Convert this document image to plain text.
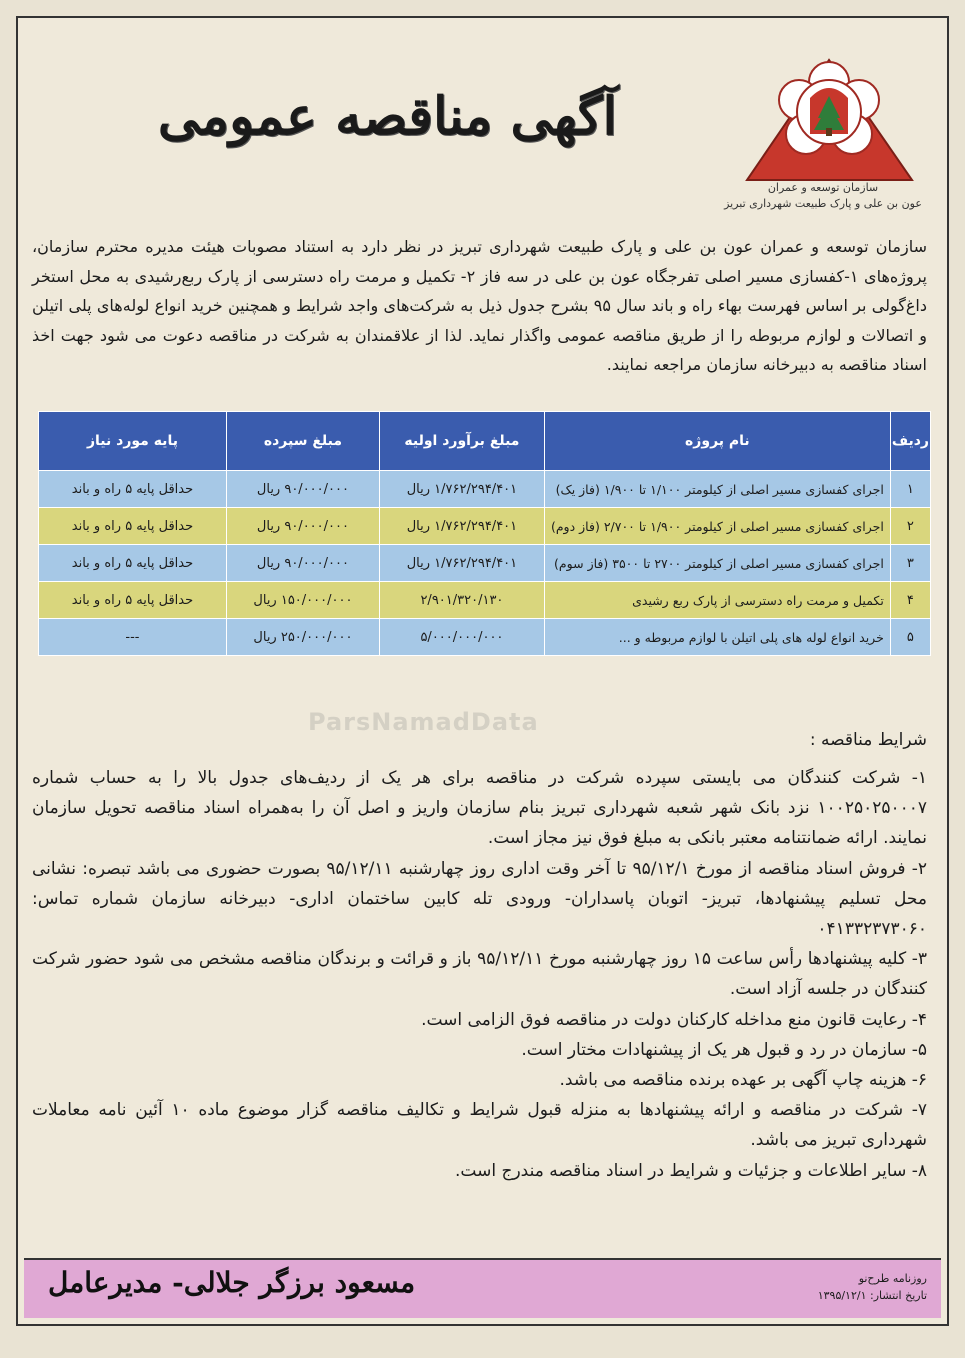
سازمان توسعه و عمران
عون بن علی و پارک طبیعت شهرداری تبریز
آگهی مناقصه عمومی
سازمان توسعه و عمران عون بن علی و پارک طبیعت شهرداری تبریز در نظر دارد به استناد مصوبات هیئت مدیره محترم سازمان، پروژه‌های ۱-کفسازی مسیر اصلی تفرجگاه عون بن علی در سه فاز ۲- تکمیل و مرمت راه دسترسی از پارک ربع‌رشیدی به محل استخر داغ‌گولی بر اساس فهرست بهاء راه و باند سال ۹۵ بشرح جدول ذیل به شرکت‌های واجد شرایط و همچنین خرید انواع لوله‌های پلی اتیلن و اتصالات و لوازم مربوطه را از طریق مناقصه عمومی واگذار نماید. لذا از علاقمندان به شرکت در مناقصه دعوت می شود جهت اخذ اسناد مناقصه به دبیرخانه سازمان مراجعه نمایند.
ردیف	نام پروژه	مبلغ برآورد اولیه	مبلغ سپرده	پایه مورد نیاز
۱	اجرای کفسازی مسیر اصلی از کیلومتر ۱/۱۰۰ تا ۱/۹۰۰ (فاز یک)	۱/۷۶۲/۲۹۴/۴۰۱ ریال	۹۰/۰۰۰/۰۰۰ ریال	حداقل پایه ۵ راه و باند
۲	اجرای کفسازی مسیر اصلی از کیلومتر ۱/۹۰۰ تا ۲/۷۰۰ (فاز دوم)	۱/۷۶۲/۲۹۴/۴۰۱ ریال	۹۰/۰۰۰/۰۰۰ ریال	حداقل پایه ۵ راه و باند
۳	اجرای کفسازی مسیر اصلی از کیلومتر ۲۷۰۰ تا ۳۵۰۰ (فاز سوم)	۱/۷۶۲/۲۹۴/۴۰۱ ریال	۹۰/۰۰۰/۰۰۰ ریال	حداقل پایه ۵ راه و باند
۴	تکمیل و مرمت راه دسترسی از پارک ربع رشیدی	۲/۹۰۱/۳۲۰/۱۳۰	۱۵۰/۰۰۰/۰۰۰ ریال	حداقل پایه ۵ راه و باند
۵	خرید انواع لوله های پلی اتیلن با لوازم مربوطه و ...	۵/۰۰۰/۰۰۰/۰۰۰	۲۵۰/۰۰۰/۰۰۰ ریال	---
ParsNamadData
شرایط مناقصه :

۱- شرکت کنندگان می بایستی سپرده شرکت در مناقصه برای هر یک از ردیف‌های جدول بالا را به حساب شماره ۱۰۰۲۵۰۲۵۰۰۰۷ نزد بانک شهر شعبه شهرداری تبریز بنام سازمان واریز و اصل آن را به‌همراه اسناد مناقصه تحویل سازمان نمایند. ارائه ضمانتنامه معتبر بانکی به مبلغ فوق نیز مجاز است.

۲- فروش اسناد مناقصه از مورخ ۹۵/۱۲/۱ تا آخر وقت اداری روز چهارشنبه ۹۵/۱۲/۱۱ بصورت حضوری می باشد تبصره: نشانی محل تسلیم پیشنهادها، تبریز- اتوبان پاسداران- ورودی تله کابین ساختمان اداری- دبیرخانه سازمان شماره تماس: ۰۴۱۳۳۲۳۷۳۰۶۰

۳- کلیه پیشنهادها رأس ساعت ۱۵ روز چهارشنبه مورخ ۹۵/۱۲/۱۱ باز و قرائت و برندگان مناقصه مشخص می شود حضور شرکت کنندگان در جلسه آزاد است.

۴- رعایت قانون منع مداخله کارکنان دولت در مناقصه فوق الزامی است.

۵- سازمان در رد و قبول هر یک از پیشنهادات مختار است.

۶- هزینه چاپ آگهی بر عهده برنده مناقصه می باشد.

۷- شرکت در مناقصه و ارائه پیشنهادها به منزله قبول شرایط و تکالیف مناقصه گزار موضوع ماده ۱۰ آئین نامه معاملات شهرداری تبریز می باشد.

۸- سایر اطلاعات و جزئیات و شرایط در اسناد مناقصه مندرج است.

روزنامه طرح‌نو
تاریخ انتشار: ۱۳۹۵/۱۲/۱
مسعود برزگر جلالی- مدیرعامل
